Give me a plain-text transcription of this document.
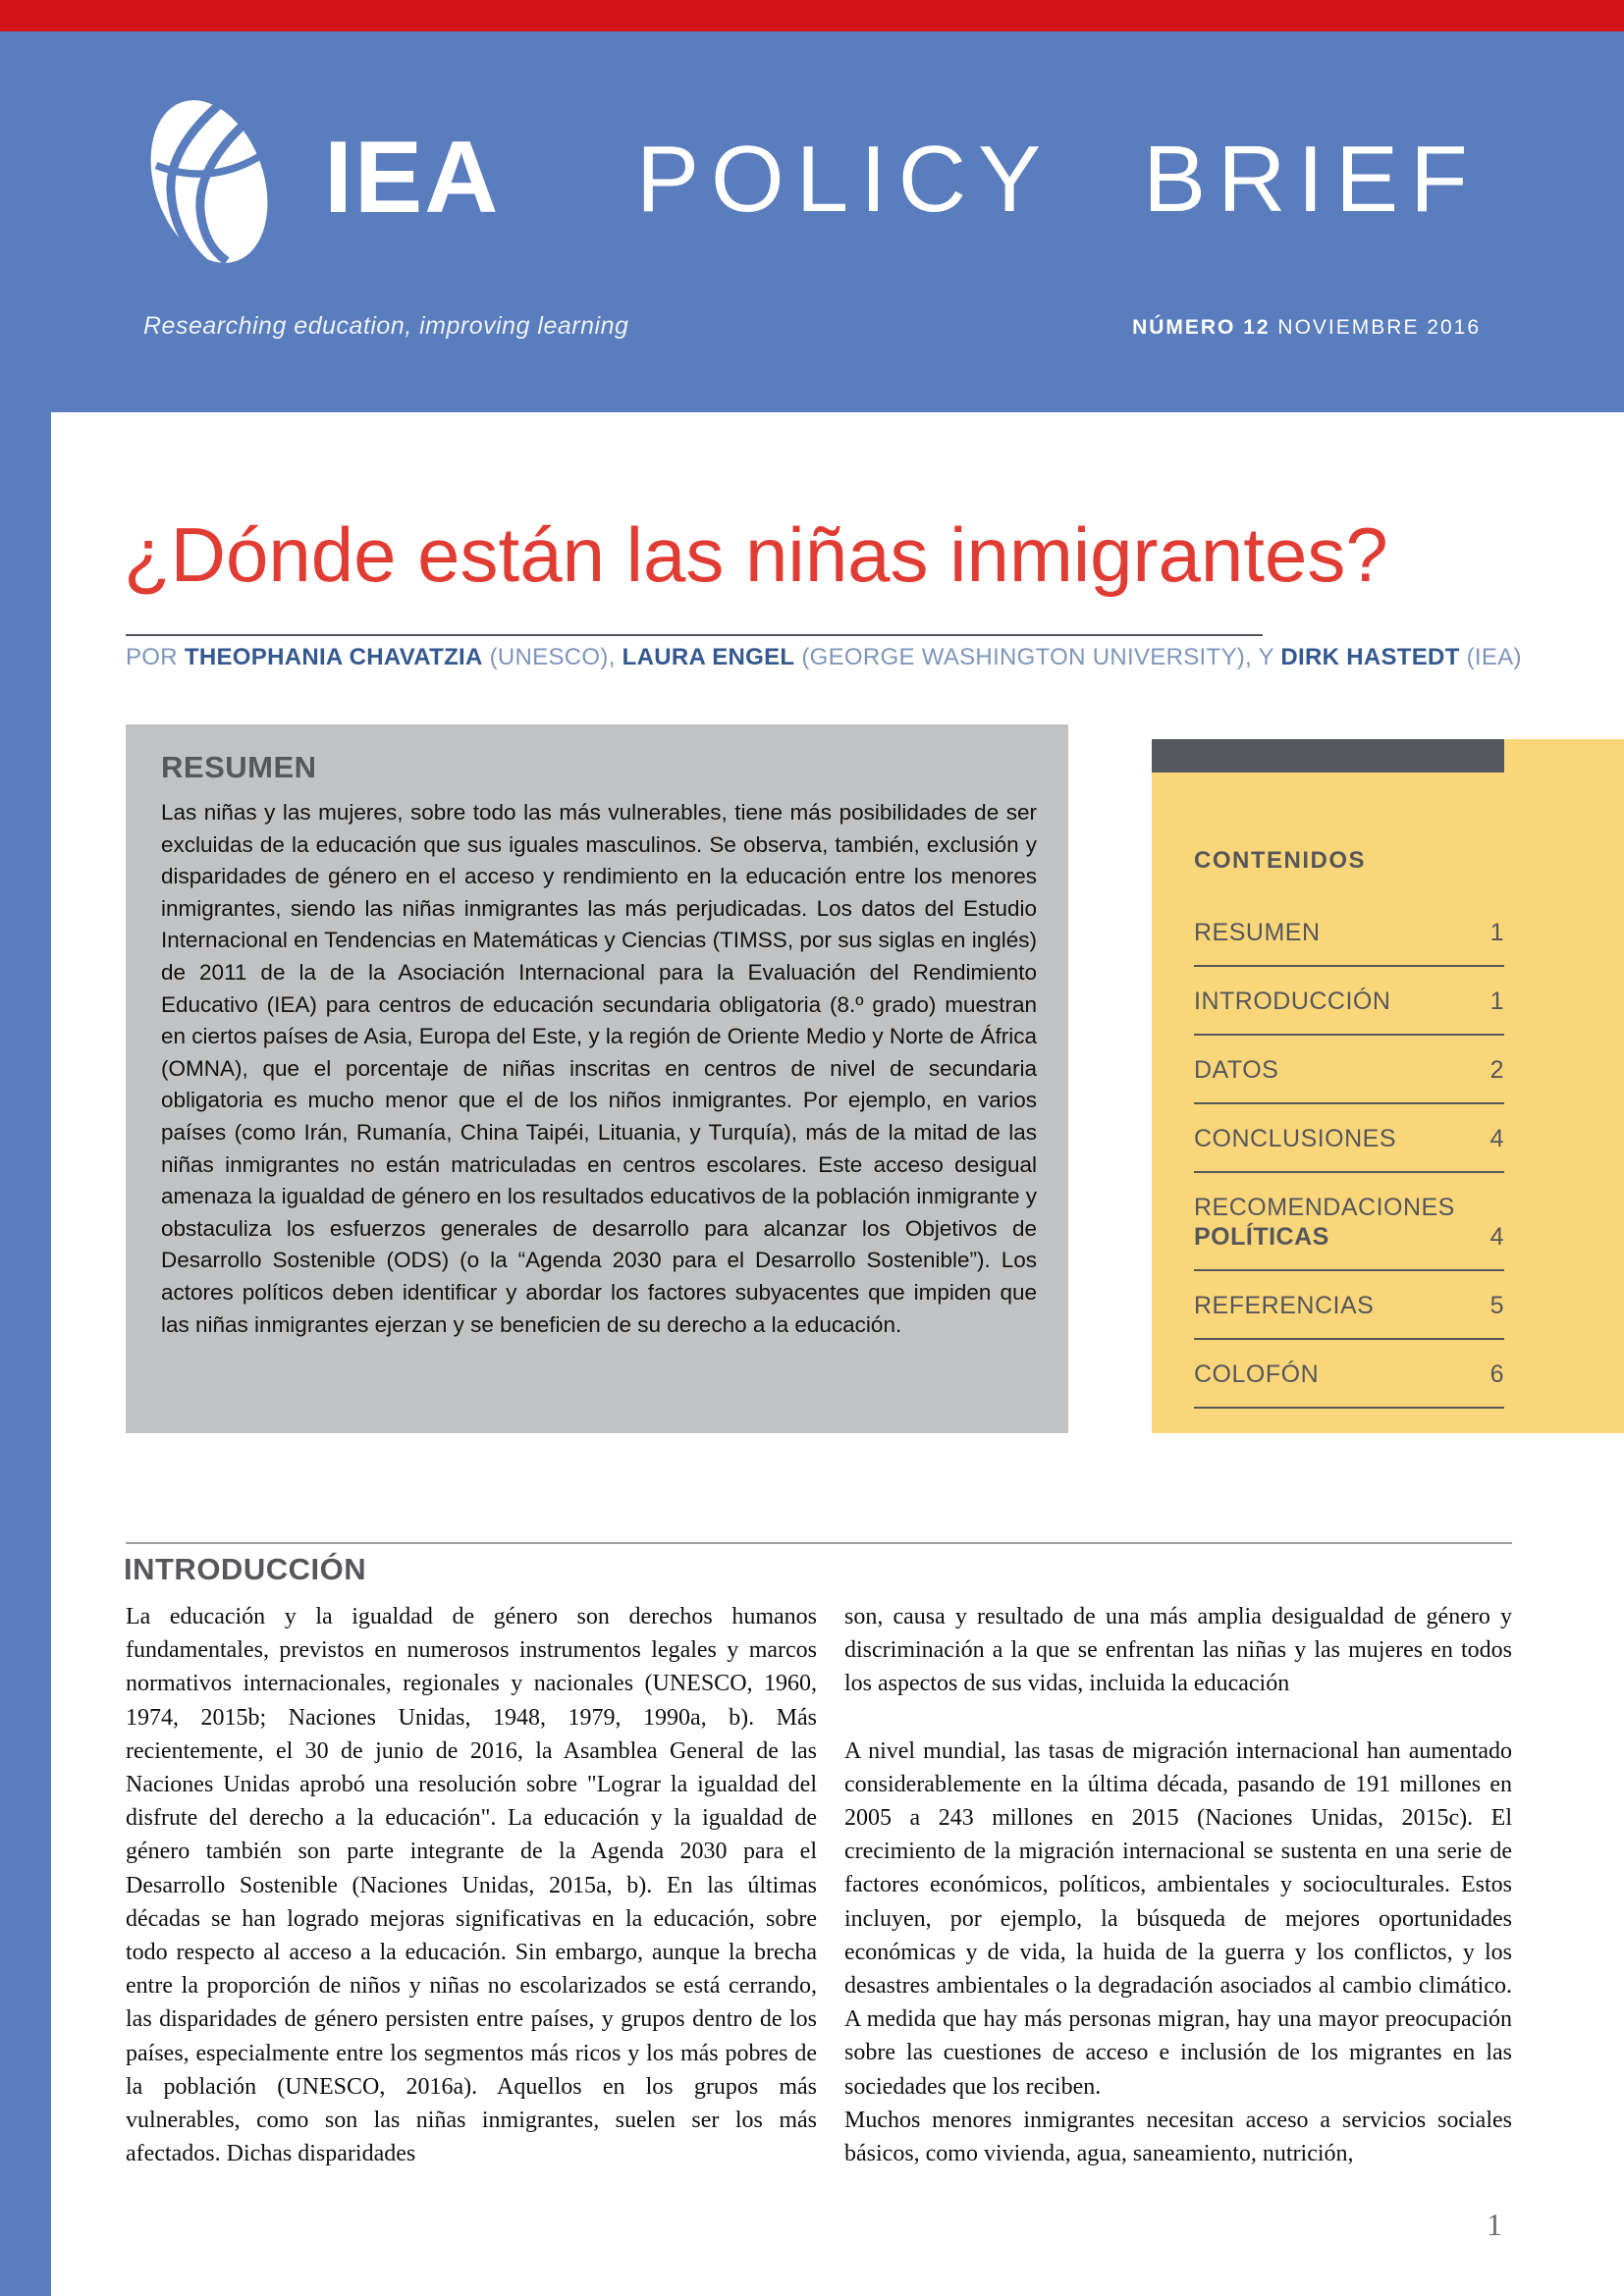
IEA POLICY BRIEF
Researching education, improving learning	NÚMERO 12 NOVIEMBRE 2016
¿Dónde están las niñas inmigrantes?

POR THEOPHANIA CHAVATZIA (UNESCO), LAURA ENGEL (GEORGE WASHINGTON UNIVERSITY), Y DIRK HASTEDT (IEA)

RESUMEN

Las niñas y las mujeres, sobre todo las más vulnerables, tiene más posibilidades de ser excluidas de la educación que sus iguales masculinos. Se observa, también, exclusión y disparidades de género en el acceso y rendimiento en la educación entre los menores inmigrantes, siendo las niñas inmigrantes las más perjudicadas. Los datos del Estudio Internacional en Tendencias en Matemáticas y Ciencias (TIMSS, por sus siglas en inglés) de 2011 de la de la Asociación Internacional para la Evaluación del Rendimiento Educativo (IEA) para centros de educación secundaria obligatoria (8.º grado) muestran en ciertos países de Asia, Europa del Este, y la región de Oriente Medio y Norte de África (OMNA), que el porcentaje de niñas inscritas en centros de nivel de secundaria obligatoria es mucho menor que el de los niños inmigrantes. Por ejemplo, en varios países (como Irán, Rumanía, China Taipéi, Lituania, y Turquía), más de la mitad de las niñas inmigrantes no están matriculadas en centros escolares. Este acceso desigual amenaza la igualdad de género en los resultados educativos de la población inmigrante y obstaculiza los esfuerzos generales de desarrollo para alcanzar los Objetivos de Desarrollo Sostenible (ODS) (o la “Agenda 2030 para el Desarrollo Sostenible”). Los actores políticos deben identificar y abordar los factores subyacentes que impiden que las niñas inmigrantes ejerzan y se beneficien de su derecho a la educación.

CONTENIDOS
RESUMEN	1
INTRODUCCIÓN	1
DATOS	2
CONCLUSIONES	4
RECOMENDACIONES
POLÍTICAS	4
REFERENCIAS	5
COLOFÓN	6
INTRODUCCIÓN

La educación y la igualdad de género son derechos humanos fundamentales, previstos en numerosos instrumentos legales y marcos normativos internacionales, regionales y nacionales (UNESCO, 1960, 1974, 2015b; Naciones Unidas, 1948, 1979, 1990a, b). Más recientemente, el 30 de junio de 2016, la Asamblea General de las Naciones Unidas aprobó una resolución sobre "Lograr la igualdad del disfrute del derecho a la educación". La educación y la igualdad de género también son parte integrante de la Agenda 2030 para el Desarrollo Sostenible (Naciones Unidas, 2015a, b). En las últimas décadas se han logrado mejoras significativas en la educación, sobre todo respecto al acceso a la educación. Sin embargo, aunque la brecha entre la proporción de niños y niñas no escolarizados se está cerrando, las disparidades de género persisten entre países, y grupos dentro de los países, especialmente entre los segmentos más ricos y los más pobres de la población (UNESCO, 2016a). Aquellos en los grupos más vulnerables, como son las niñas inmigrantes, suelen ser los más afectados. Dichas disparidades

son, causa y resultado de una más amplia desigualdad de género y discriminación a la que se enfrentan las niñas y las mujeres en todos los aspectos de sus vidas, incluida la educación

A nivel mundial, las tasas de migración internacional han aumentado considerablemente en la última década, pasando de 191 millones en 2005 a 243 millones en 2015 (Naciones Unidas, 2015c). El crecimiento de la migración internacional se sustenta en una serie de factores económicos, políticos, ambientales y socioculturales. Estos incluyen, por ejemplo, la búsqueda de mejores oportunidades económicas y de vida, la huida de la guerra y los conflictos, y los desastres ambientales o la degradación asociados al cambio climático. A medida que hay más personas migran, hay una mayor preocupación sobre las cuestiones de acceso e inclusión de los migrantes en las sociedades que los reciben.

Muchos menores inmigrantes necesitan acceso a servicios sociales básicos, como vivienda, agua, saneamiento, nutrición,

1
